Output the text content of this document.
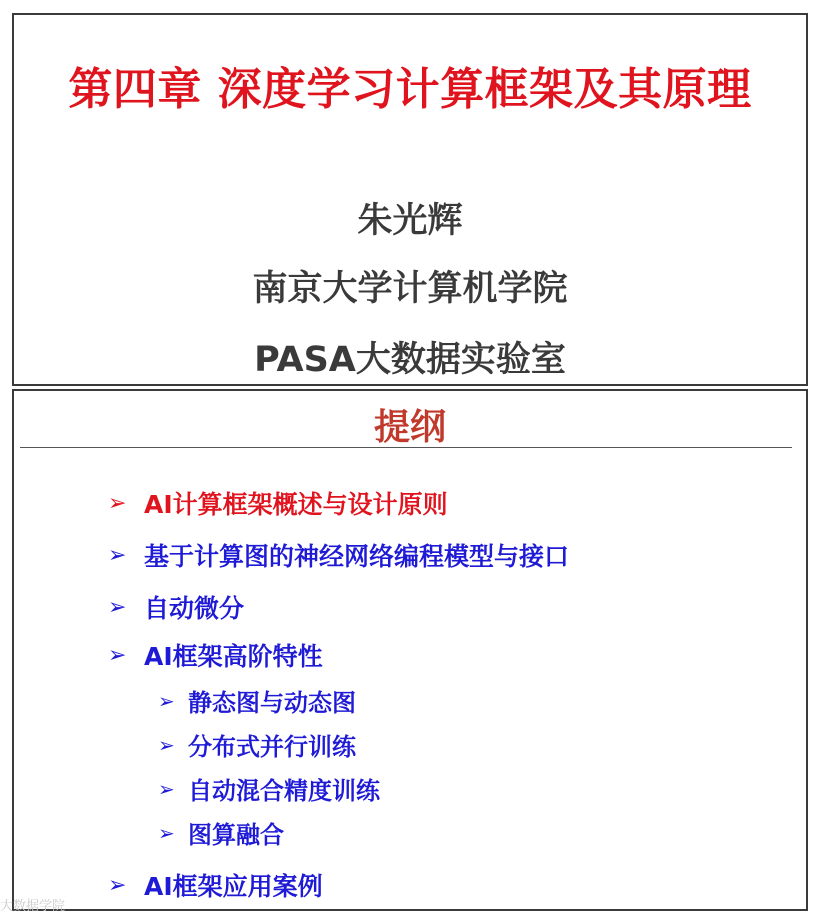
第四章 深度学习计算框架及其原理
朱光辉
南京大学计算机学院
PASA大数据实验室
提纲
➢ AI计算框架概述与设计原则
➢ 基于计算图的神经网络编程模型与接口
➢ 自动微分
➢ AI框架高阶特性
➢ 静态图与动态图
➢ 分布式并行训练
➢ 自动混合精度训练
➢ 图算融合
➢ AI框架应用案例
大数据学院
